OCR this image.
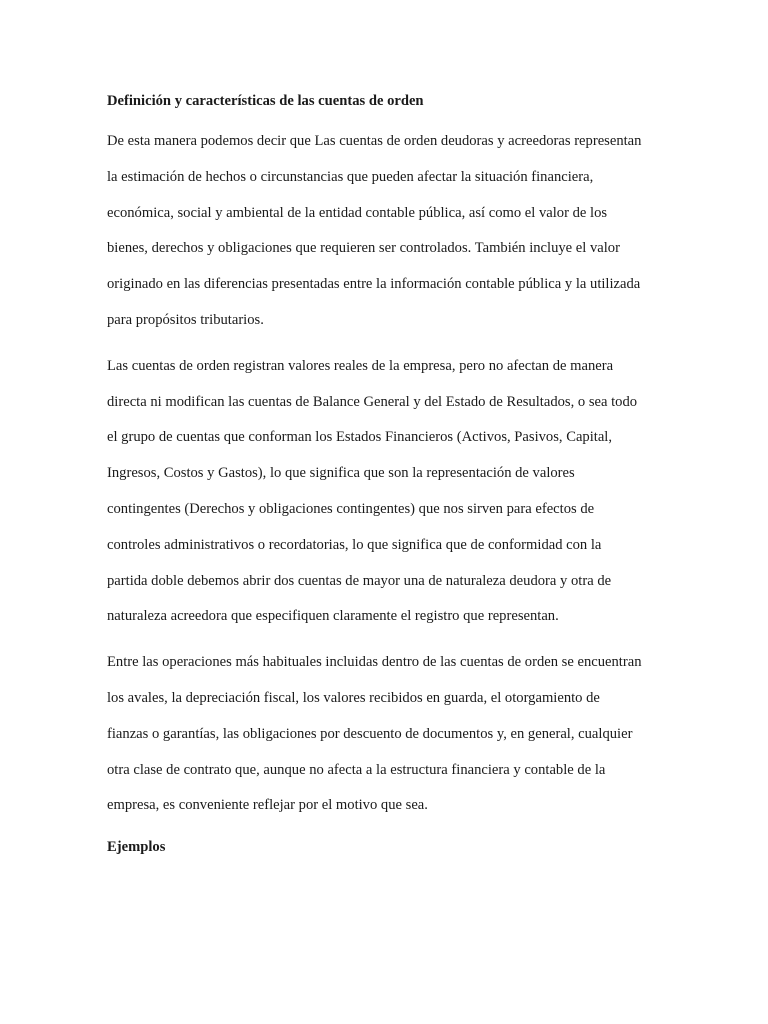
Definición y características de las cuentas de orden
De esta manera podemos decir que Las cuentas de orden deudoras y acreedoras representan
la estimación de hechos o circunstancias que pueden afectar la situación financiera,
económica, social y ambiental de la entidad contable pública, así como el valor de los
bienes, derechos y obligaciones que requieren ser controlados. También incluye el valor
originado en las diferencias presentadas entre la información contable pública y la utilizada
para propósitos tributarios.
Las cuentas de orden registran valores reales de la empresa, pero no afectan de manera
directa ni modifican las cuentas de Balance General y del Estado de Resultados, o sea todo
el grupo de cuentas que conforman los Estados Financieros (Activos, Pasivos, Capital,
Ingresos, Costos y Gastos), lo que significa que son la representación de valores
contingentes (Derechos y obligaciones contingentes) que nos sirven para efectos de
controles administrativos o recordatorias, lo que significa que de conformidad con la
partida doble debemos abrir dos cuentas de mayor una de naturaleza deudora y otra de
naturaleza acreedora que especifiquen claramente el registro que representan.
Entre las operaciones más habituales incluidas dentro de las cuentas de orden se encuentran
los avales, la depreciación fiscal, los valores recibidos en guarda, el otorgamiento de
fianzas o garantías, las obligaciones por descuento de documentos y, en general, cualquier
otra clase de contrato que, aunque no afecta a la estructura financiera y contable de la
empresa, es conveniente reflejar por el motivo que sea.
Ejemplos
